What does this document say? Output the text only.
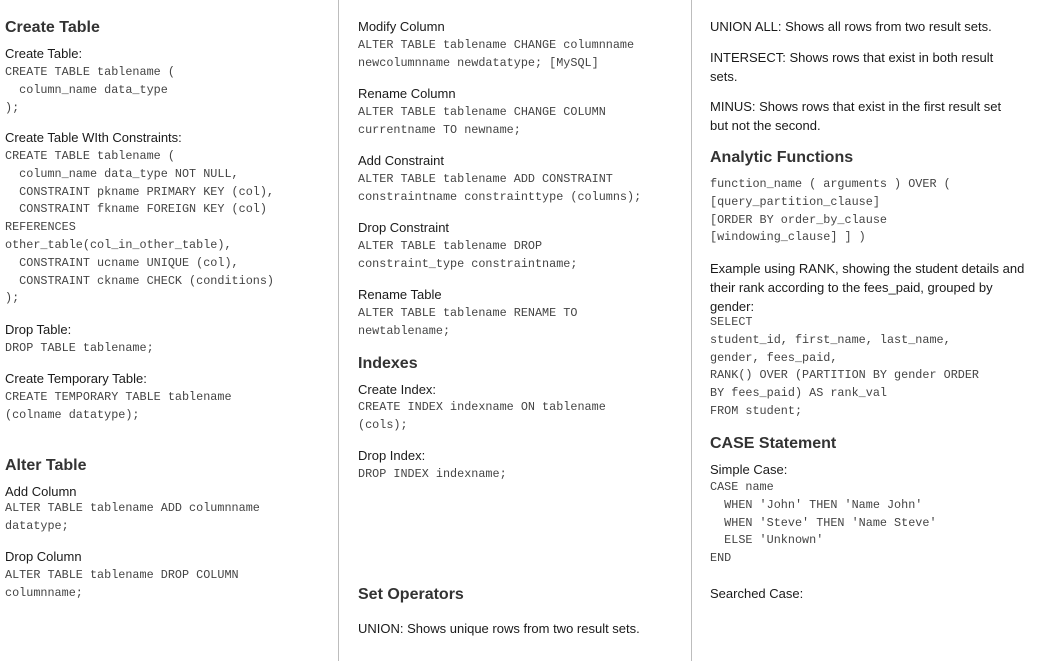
Create Table
Create Table:
CREATE TABLE tablename (
column_name data_type
);
Create Table WIth Constraints:
CREATE TABLE tablename (
column_name data_type NOT NULL,
CONSTRAINT pkname PRIMARY KEY (col),
CONSTRAINT fkname FOREIGN KEY (col)
REFERENCES
other_table(col_in_other_table),
CONSTRAINT ucname UNIQUE (col),
CONSTRAINT ckname CHECK (conditions)
);
Drop Table:
DROP TABLE tablename;
Create Temporary Table:
CREATE TEMPORARY TABLE tablename
(colname datatype);
Alter Table
Add Column
ALTER TABLE tablename ADD columnname
datatype;
Drop Column
ALTER TABLE tablename DROP COLUMN
columnname;
Modify Column
ALTER TABLE tablename CHANGE columnname
newcolumnname newdatatype; [MySQL]
Rename Column
ALTER TABLE tablename CHANGE COLUMN
currentname TO newname;
Add Constraint
ALTER TABLE tablename ADD CONSTRAINT
constraintname constrainttype (columns);
Drop Constraint
ALTER TABLE tablename DROP
constraint_type constraintname;
Rename Table
ALTER TABLE tablename RENAME TO
newtablename;
Indexes
Create Index:
CREATE INDEX indexname ON tablename
(cols);
Drop Index:
DROP INDEX indexname;
Set Operators
UNION: Shows unique rows from two result sets.
UNION ALL: Shows all rows from two result sets.
INTERSECT: Shows rows that exist in both result sets.
MINUS: Shows rows that exist in the first result set but not the second.
Analytic Functions
function_name ( arguments ) OVER (
[query_partition_clause]
[ORDER BY order_by_clause
[windowing_clause] ] )
Example using RANK, showing the student details and their rank according to the fees_paid, grouped by gender:
SELECT
student_id, first_name, last_name,
gender, fees_paid,
RANK() OVER (PARTITION BY gender ORDER
BY fees_paid) AS rank_val
FROM student;
CASE Statement
Simple Case:
CASE name
WHEN 'John' THEN 'Name John'
WHEN 'Steve' THEN 'Name Steve'
ELSE 'Unknown'
END
Searched Case:
